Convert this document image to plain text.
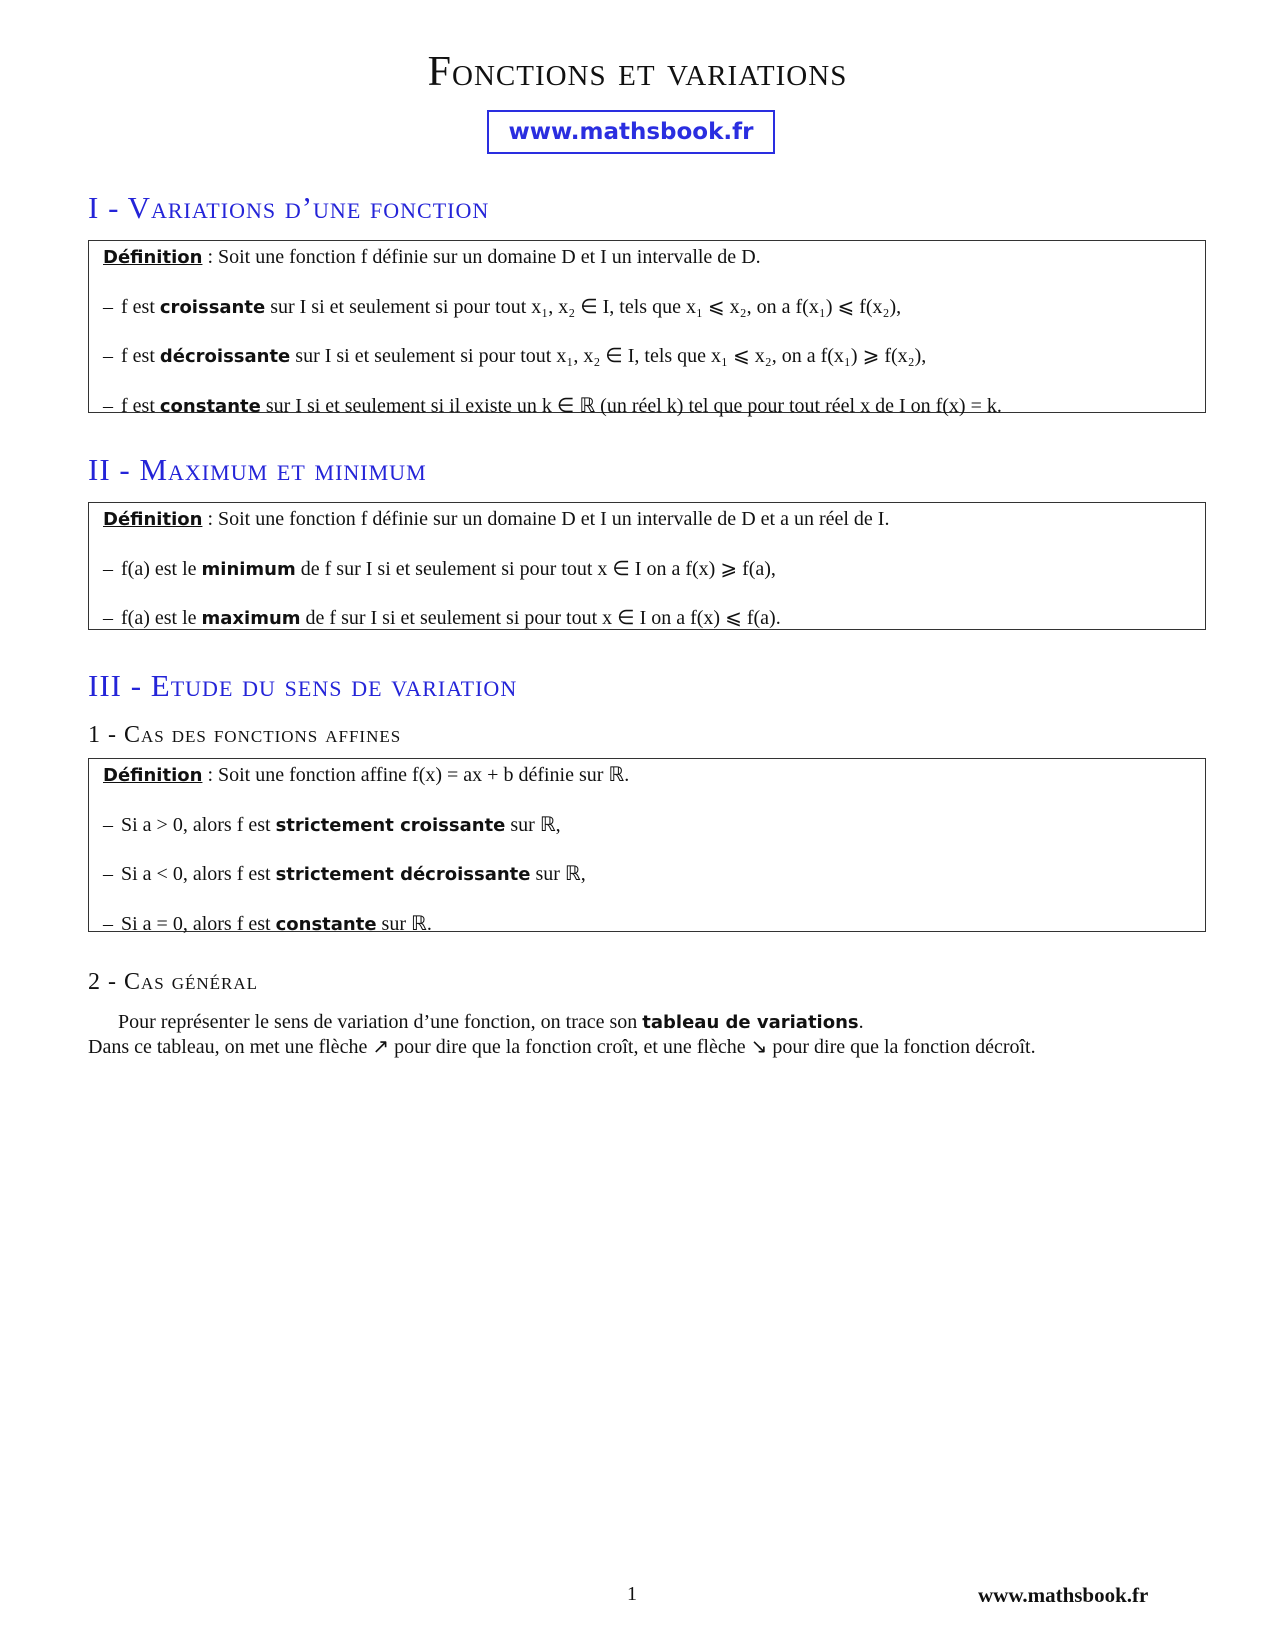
Fonctions et variations
www.mathsbook.fr
I - Variations d’une fonction
Définition : Soit une fonction f définie sur un domaine D et I un intervalle de D.
– f est croissante sur I si et seulement si pour tout x₁, x₂ ∈ I, tels que x₁ ⩽ x₂, on a f(x₁) ⩽ f(x₂),
– f est décroissante sur I si et seulement si pour tout x₁, x₂ ∈ I, tels que x₁ ⩽ x₂, on a f(x₁) ⩾ f(x₂),
– f est constante sur I si et seulement si il existe un k ∈ ℝ (un réel k) tel que pour tout réel x de I on f(x) = k.
II - Maximum et minimum
Définition : Soit une fonction f définie sur un domaine D et I un intervalle de D et a un réel de I.
– f(a) est le minimum de f sur I si et seulement si pour tout x ∈ I on a f(x) ⩾ f(a),
– f(a) est le maximum de f sur I si et seulement si pour tout x ∈ I on a f(x) ⩽ f(a).
III - Etude du sens de variation
1 - Cas des fonctions affines
Définition : Soit une fonction affine f(x) = ax + b définie sur ℝ.
– Si a > 0, alors f est strictement croissante sur ℝ,
– Si a < 0, alors f est strictement décroissante sur ℝ,
– Si a = 0, alors f est constante sur ℝ.
2 - Cas général
Pour représenter le sens de variation d’une fonction, on trace son tableau de variations.
Dans ce tableau, on met une flèche ↗ pour dire que la fonction croît, et une flèche ↘ pour dire que la fonction décroît.
1	www.mathsbook.fr
